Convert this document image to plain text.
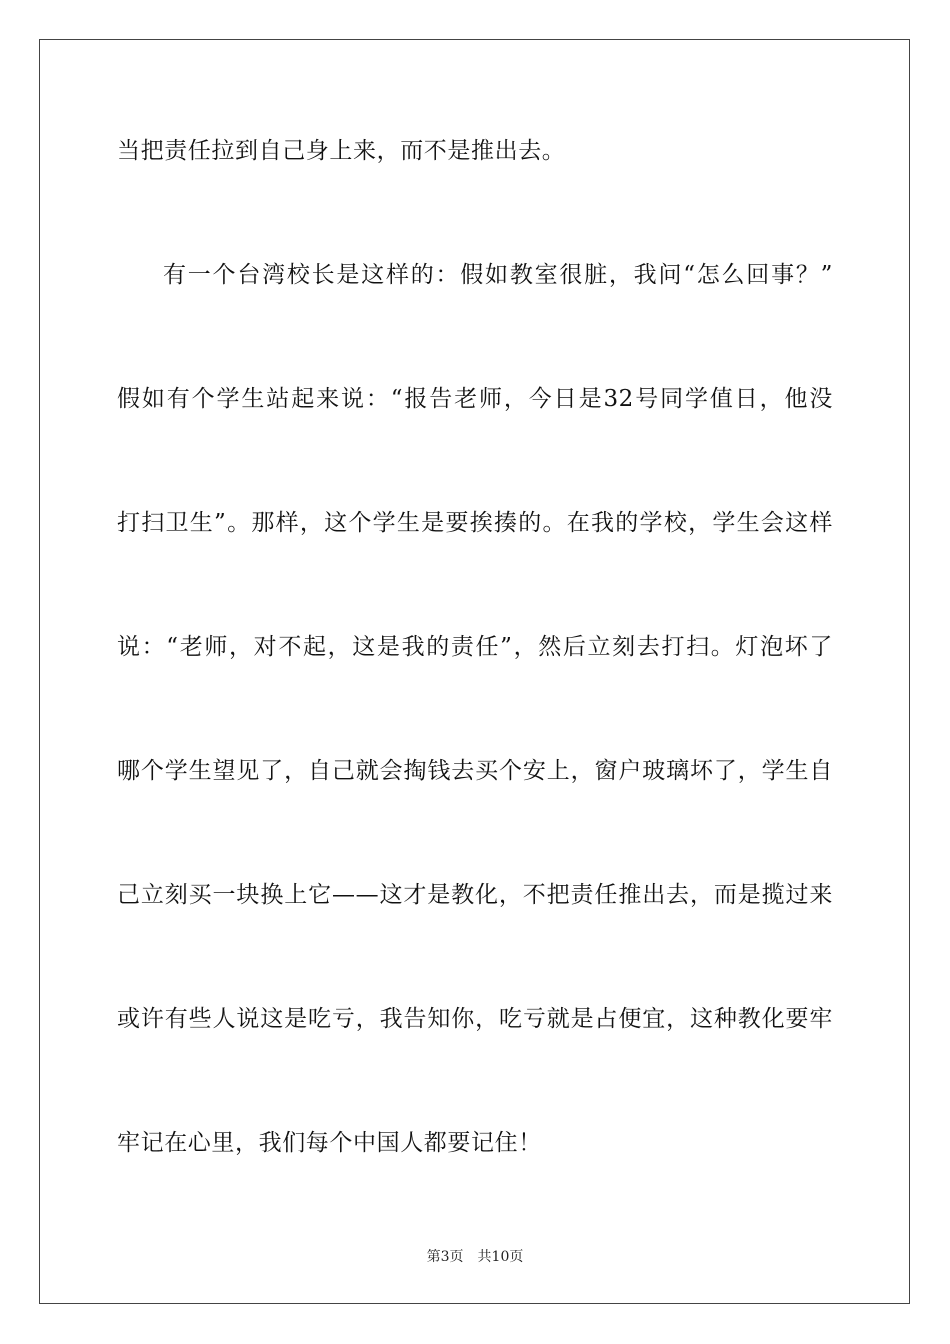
当把责任拉到自己身上来，而不是推出去。
有一个台湾校长是这样的：假如教室很脏，我问“怎么回事？”
假如有个学生站起来说：“报告老师，今日是32号同学值日，他没
打扫卫生”。那样，这个学生是要挨揍的。在我的学校，学生会这样
说：“老师，对不起，这是我的责任”，然后立刻去打扫。灯泡坏了
哪个学生望见了，自己就会掏钱去买个安上，窗户玻璃坏了，学生自
己立刻买一块换上它——这才是教化，不把责任推出去，而是揽过来
或许有些人说这是吃亏，我告知你，吃亏就是占便宜，这种教化要牢
牢记在心里，我们每个中国人都要记住！
第3页 共10页
